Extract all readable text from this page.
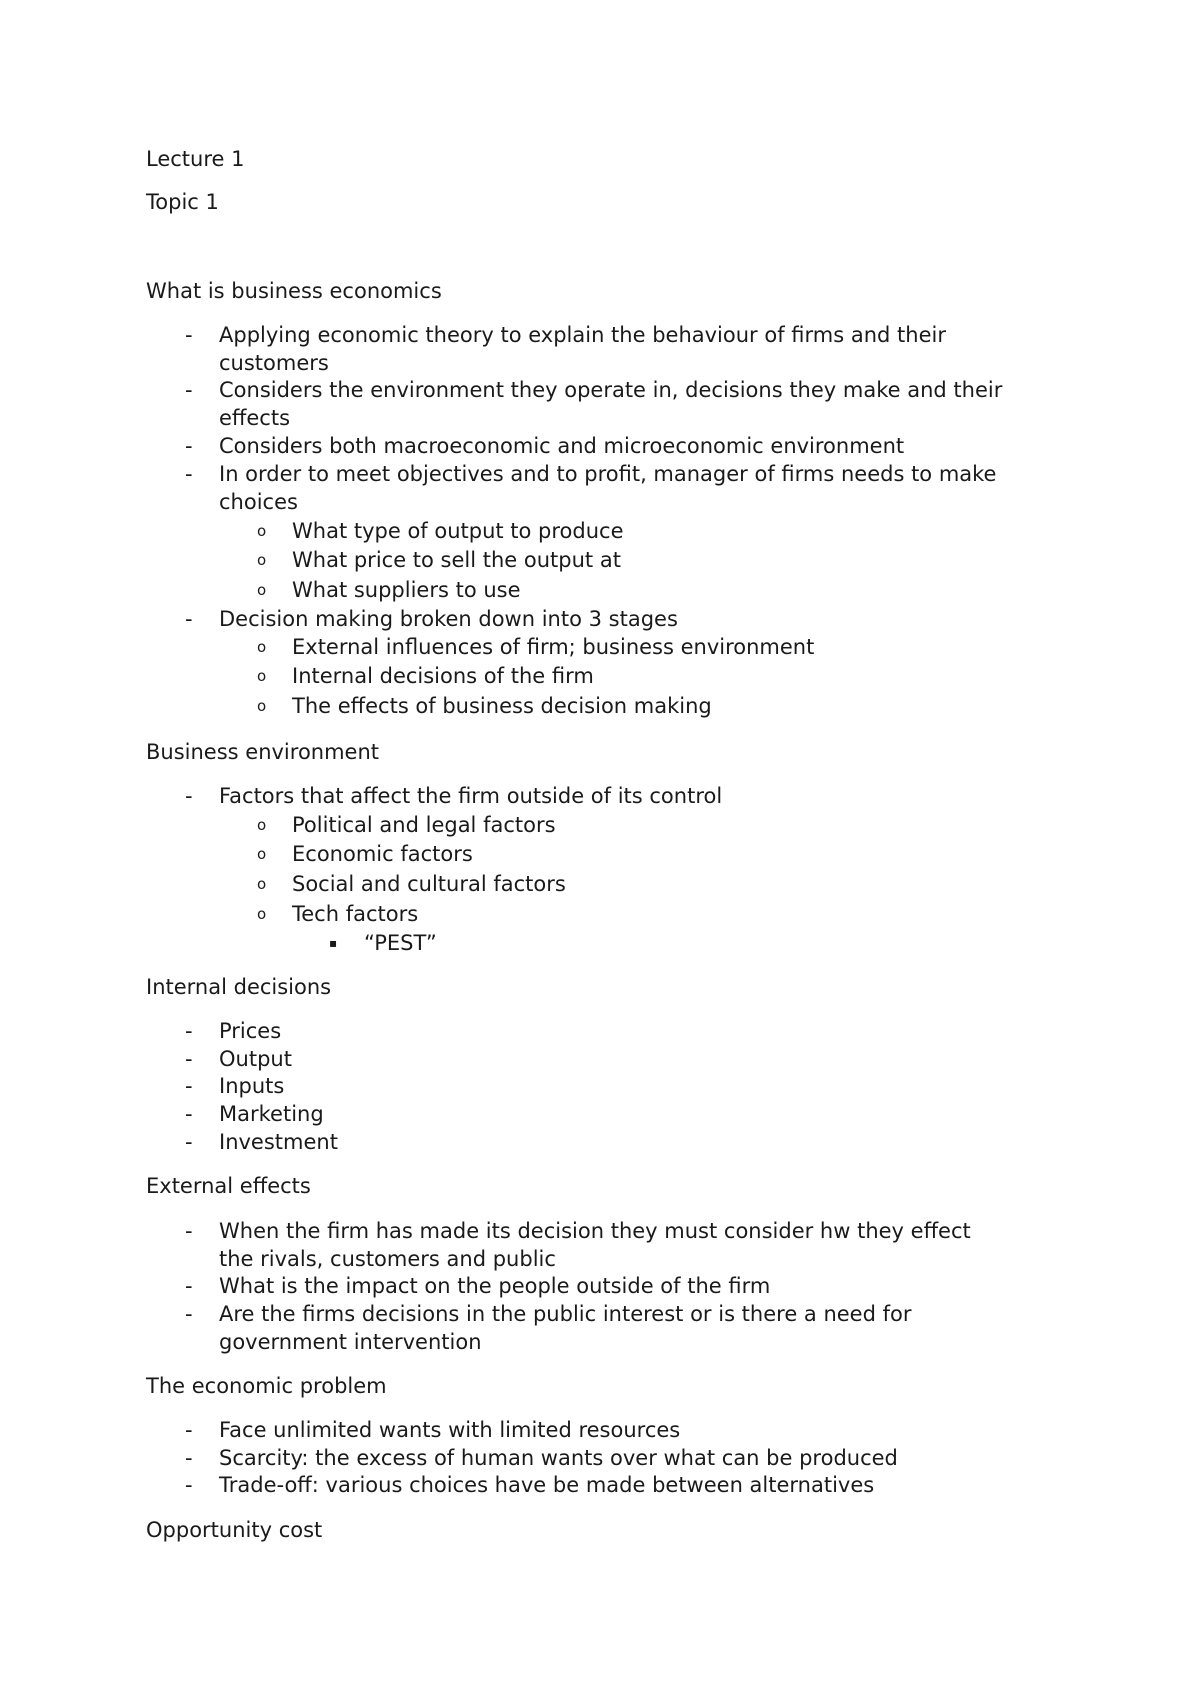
Lecture 1
Topic 1
What is business economics
- Applying economic theory to explain the behaviour of firms and their
customers
- Considers the environment they operate in, decisions they make and their
effects
- Considers both macroeconomic and microeconomic environment
- In order to meet objectives and to profit, manager of firms needs to make
choices
o What type of output to produce
o What price to sell the output at
o What suppliers to use
- Decision making broken down into 3 stages
o External influences of firm; business environment
o Internal decisions of the firm
o The effects of business decision making
Business environment
- Factors that affect the firm outside of its control
o Political and legal factors
o Economic factors
o Social and cultural factors
o Tech factors
▪ “PEST”
Internal decisions
- Prices
- Output
- Inputs
- Marketing
- Investment
External effects
- When the firm has made its decision they must consider hw they effect
the rivals, customers and public
- What is the impact on the people outside of the firm
- Are the firms decisions in the public interest or is there a need for
government intervention
The economic problem
- Face unlimited wants with limited resources
- Scarcity: the excess of human wants over what can be produced
- Trade-off: various choices have be made between alternatives
Opportunity cost
